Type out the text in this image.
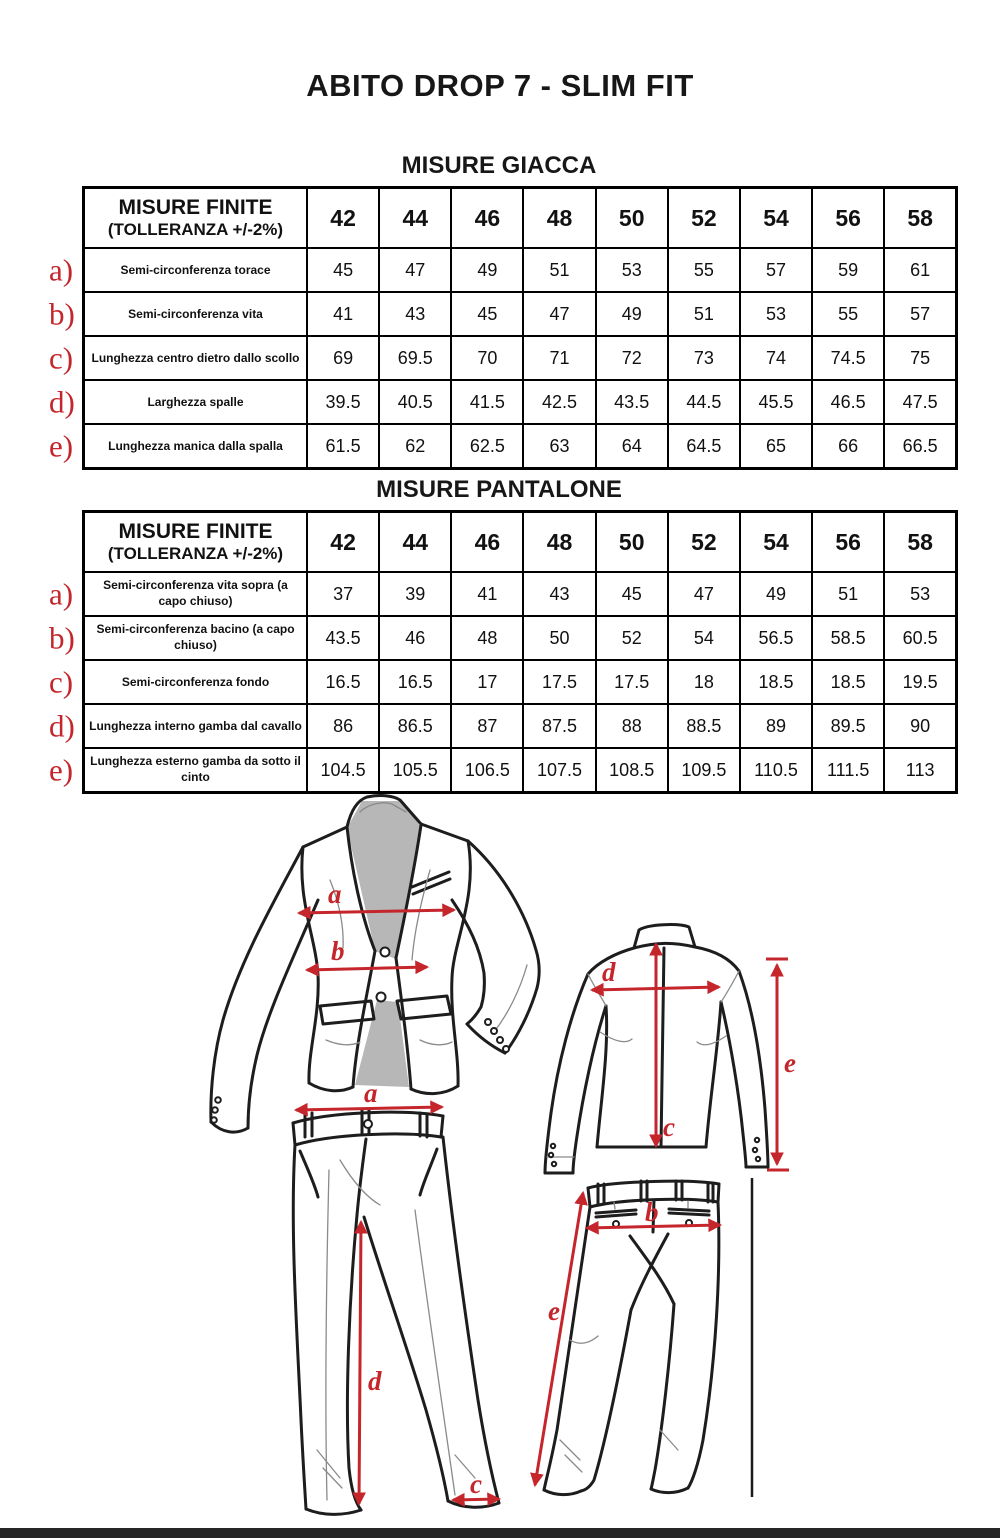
ABITO DROP 7 - SLIM FIT
MISURE GIACCA
MISURE FINITE
(TOLLERANZA +/-2%)	42	44	46	48	50	52	54	56	58

a) Semi-circonferenza torace	45	47	49	51	53	55	57	59	61

b) Semi-circonferenza vita	41	43	45	47	49	51	53	55	57

c) Lunghezza centro dietro dallo scollo	69	69.5	70	71	72	73	74	74.5	75

d) Larghezza spalle	39.5	40.5	41.5	42.5	43.5	44.5	45.5	46.5	47.5

e) Lunghezza manica dalla spalla	61.5	62	62.5	63	64	64.5	65	66	66.5
MISURE PANTALONE
MISURE FINITE
(TOLLERANZA +/-2%)	42	44	46	48	50	52	54	56	58

a) Semi-circonferenza vita sopra (a capo chiuso)	37	39	41	43	45	47	49	51	53

b) Semi-circonferenza bacino (a capo chiuso)	43.5	46	48	50	52	54	56.5	58.5	60.5

c) Semi-circonferenza fondo	16.5	16.5	17	17.5	17.5	18	18.5	18.5	19.5

d) Lunghezza interno gamba dal cavallo	86	86.5	87	87.5	88	88.5	89	89.5	90

e) Lunghezza esterno gamba da sotto il cinto	104.5	105.5	106.5	107.5	108.5	109.5	110.5	111.5	113
a
b
d
c
e
a
d
c
b
e
